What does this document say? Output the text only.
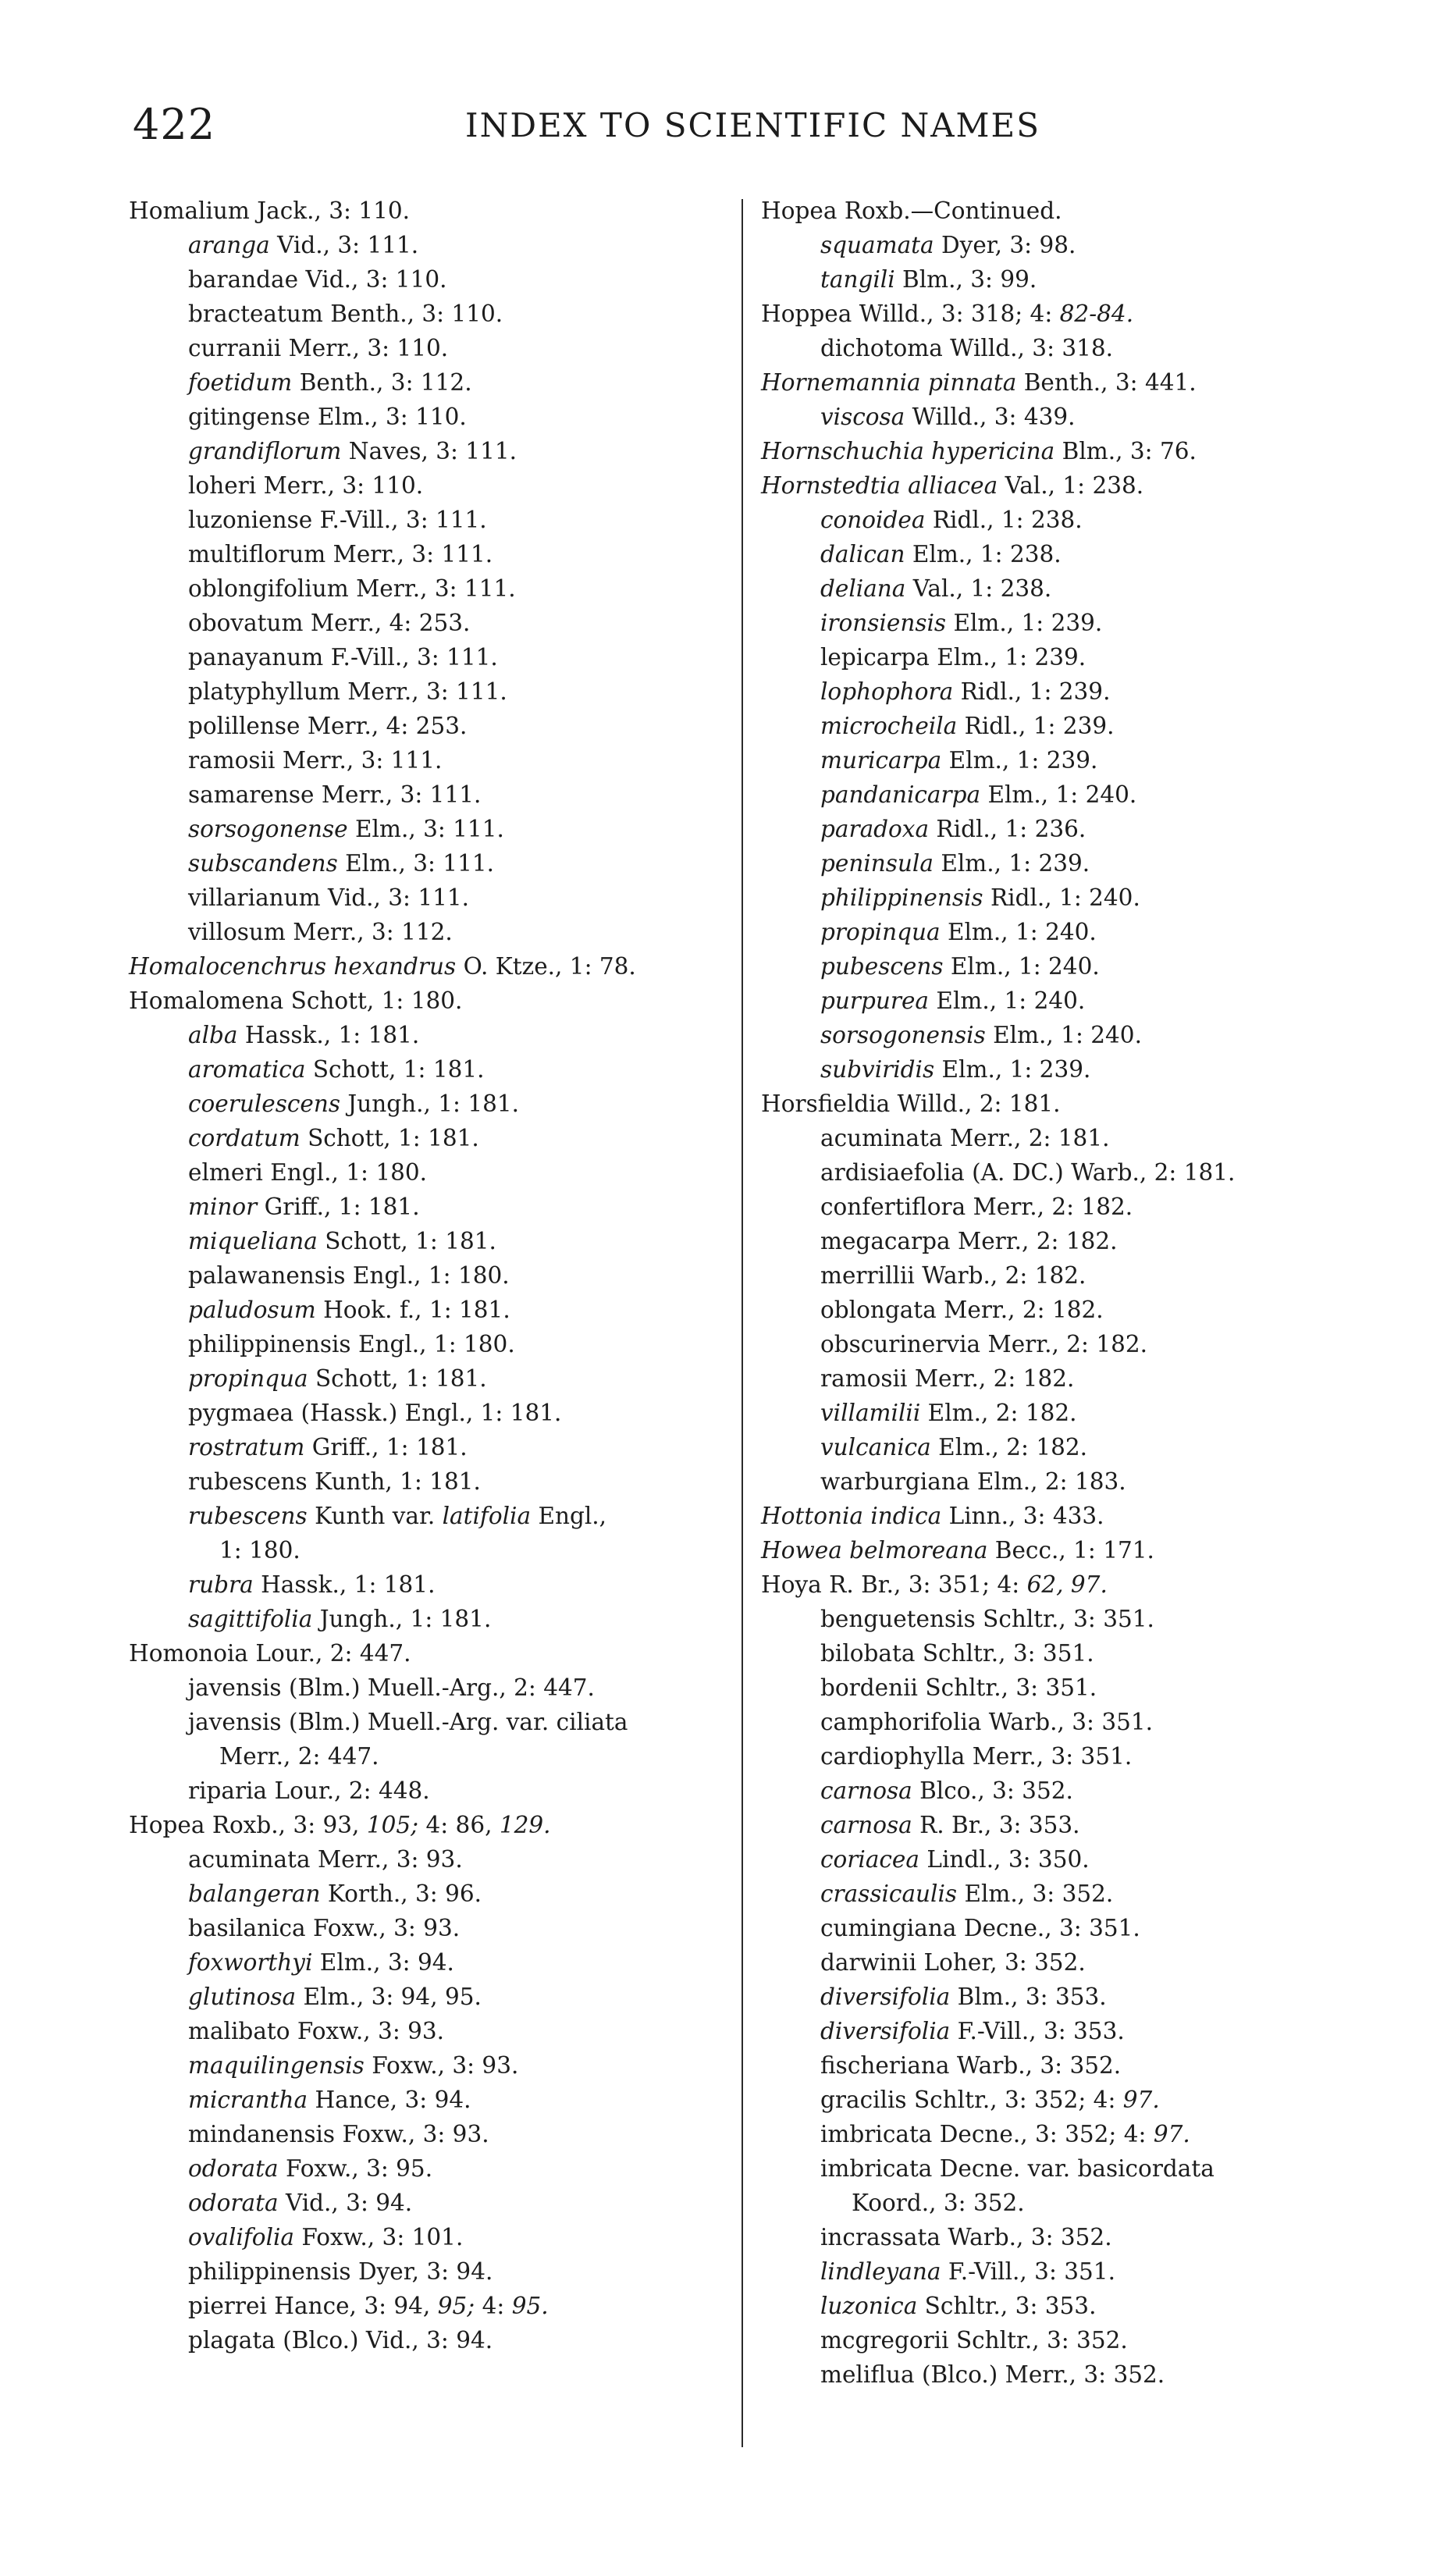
422	INDEX TO SCIENTIFIC NAMES
Homalium Jack., 3: 110.
aranga Vid., 3: 111.
barandae Vid., 3: 110.
bracteatum Benth., 3: 110.
curranii Merr., 3: 110.
foetidum Benth., 3: 112.
gitingense Elm., 3: 110.
grandiflorum Naves, 3: 111.
loheri Merr., 3: 110.
luzoniense F.-Vill., 3: 111.
multiflorum Merr., 3: 111.
oblongifolium Merr., 3: 111.
obovatum Merr., 4: 253.
panayanum F.-Vill., 3: 111.
platyphyllum Merr., 3: 111.
polillense Merr., 4: 253.
ramosii Merr., 3: 111.
samarense Merr., 3: 111.
sorsogonense Elm., 3: 111.
subscandens Elm., 3: 111.
villarianum Vid., 3: 111.
villosum Merr., 3: 112.
Homalocenchrus hexandrus O. Ktze., 1: 78.
Homalomena Schott, 1: 180.
alba Hassk., 1: 181.
aromatica Schott, 1: 181.
coerulescens Jungh., 1: 181.
cordatum Schott, 1: 181.
elmeri Engl., 1: 180.
minor Griff., 1: 181.
miqueliana Schott, 1: 181.
palawanensis Engl., 1: 180.
paludosum Hook. f., 1: 181.
philippinensis Engl., 1: 180.
propinqua Schott, 1: 181.
pygmaea (Hassk.) Engl., 1: 181.
rostratum Griff., 1: 181.
rubescens Kunth, 1: 181.
rubescens Kunth var. latifolia Engl.,
1: 180.
rubra Hassk., 1: 181.
sagittifolia Jungh., 1: 181.
Homonoia Lour., 2: 447.
javensis (Blm.) Muell.-Arg., 2: 447.
javensis (Blm.) Muell.-Arg. var. ciliata
Merr., 2: 447.
riparia Lour., 2: 448.
Hopea Roxb., 3: 93, 105; 4: 86, 129.
acuminata Merr., 3: 93.
balangeran Korth., 3: 96.
basilanica Foxw., 3: 93.
foxworthyi Elm., 3: 94.
glutinosa Elm., 3: 94, 95.
malibato Foxw., 3: 93.
maquilingensis Foxw., 3: 93.
micrantha Hance, 3: 94.
mindanensis Foxw., 3: 93.
odorata Foxw., 3: 95.
odorata Vid., 3: 94.
ovalifolia Foxw., 3: 101.
philippinensis Dyer, 3: 94.
pierrei Hance, 3: 94, 95; 4: 95.
plagata (Blco.) Vid., 3: 94.
Hopea Roxb.—Continued.
squamata Dyer, 3: 98.
tangili Blm., 3: 99.
Hoppea Willd., 3: 318; 4: 82-84.
dichotoma Willd., 3: 318.
Hornemannia pinnata Benth., 3: 441.
viscosa Willd., 3: 439.
Hornschuchia hypericina Blm., 3: 76.
Hornstedtia alliacea Val., 1: 238.
conoidea Ridl., 1: 238.
dalican Elm., 1: 238.
deliana Val., 1: 238.
ironsiensis Elm., 1: 239.
lepicarpa Elm., 1: 239.
lophophora Ridl., 1: 239.
microcheila Ridl., 1: 239.
muricarpa Elm., 1: 239.
pandanicarpa Elm., 1: 240.
paradoxa Ridl., 1: 236.
peninsula Elm., 1: 239.
philippinensis Ridl., 1: 240.
propinqua Elm., 1: 240.
pubescens Elm., 1: 240.
purpurea Elm., 1: 240.
sorsogonensis Elm., 1: 240.
subviridis Elm., 1: 239.
Horsfieldia Willd., 2: 181.
acuminata Merr., 2: 181.
ardisiaefolia (A. DC.) Warb., 2: 181.
confertiflora Merr., 2: 182.
megacarpa Merr., 2: 182.
merrillii Warb., 2: 182.
oblongata Merr., 2: 182.
obscurinervia Merr., 2: 182.
ramosii Merr., 2: 182.
villamilii Elm., 2: 182.
vulcanica Elm., 2: 182.
warburgiana Elm., 2: 183.
Hottonia indica Linn., 3: 433.
Howea belmoreana Becc., 1: 171.
Hoya R. Br., 3: 351; 4: 62, 97.
benguetensis Schltr., 3: 351.
bilobata Schltr., 3: 351.
bordenii Schltr., 3: 351.
camphorifolia Warb., 3: 351.
cardiophylla Merr., 3: 351.
carnosa Blco., 3: 352.
carnosa R. Br., 3: 353.
coriacea Lindl., 3: 350.
crassicaulis Elm., 3: 352.
cumingiana Decne., 3: 351.
darwinii Loher, 3: 352.
diversifolia Blm., 3: 353.
diversifolia F.-Vill., 3: 353.
fischeriana Warb., 3: 352.
gracilis Schltr., 3: 352; 4: 97.
imbricata Decne., 3: 352; 4: 97.
imbricata Decne. var. basicordata
Koord., 3: 352.
incrassata Warb., 3: 352.
lindleyana F.-Vill., 3: 351.
luzonica Schltr., 3: 353.
mcgregorii Schltr., 3: 352.
meliflua (Blco.) Merr., 3: 352.
